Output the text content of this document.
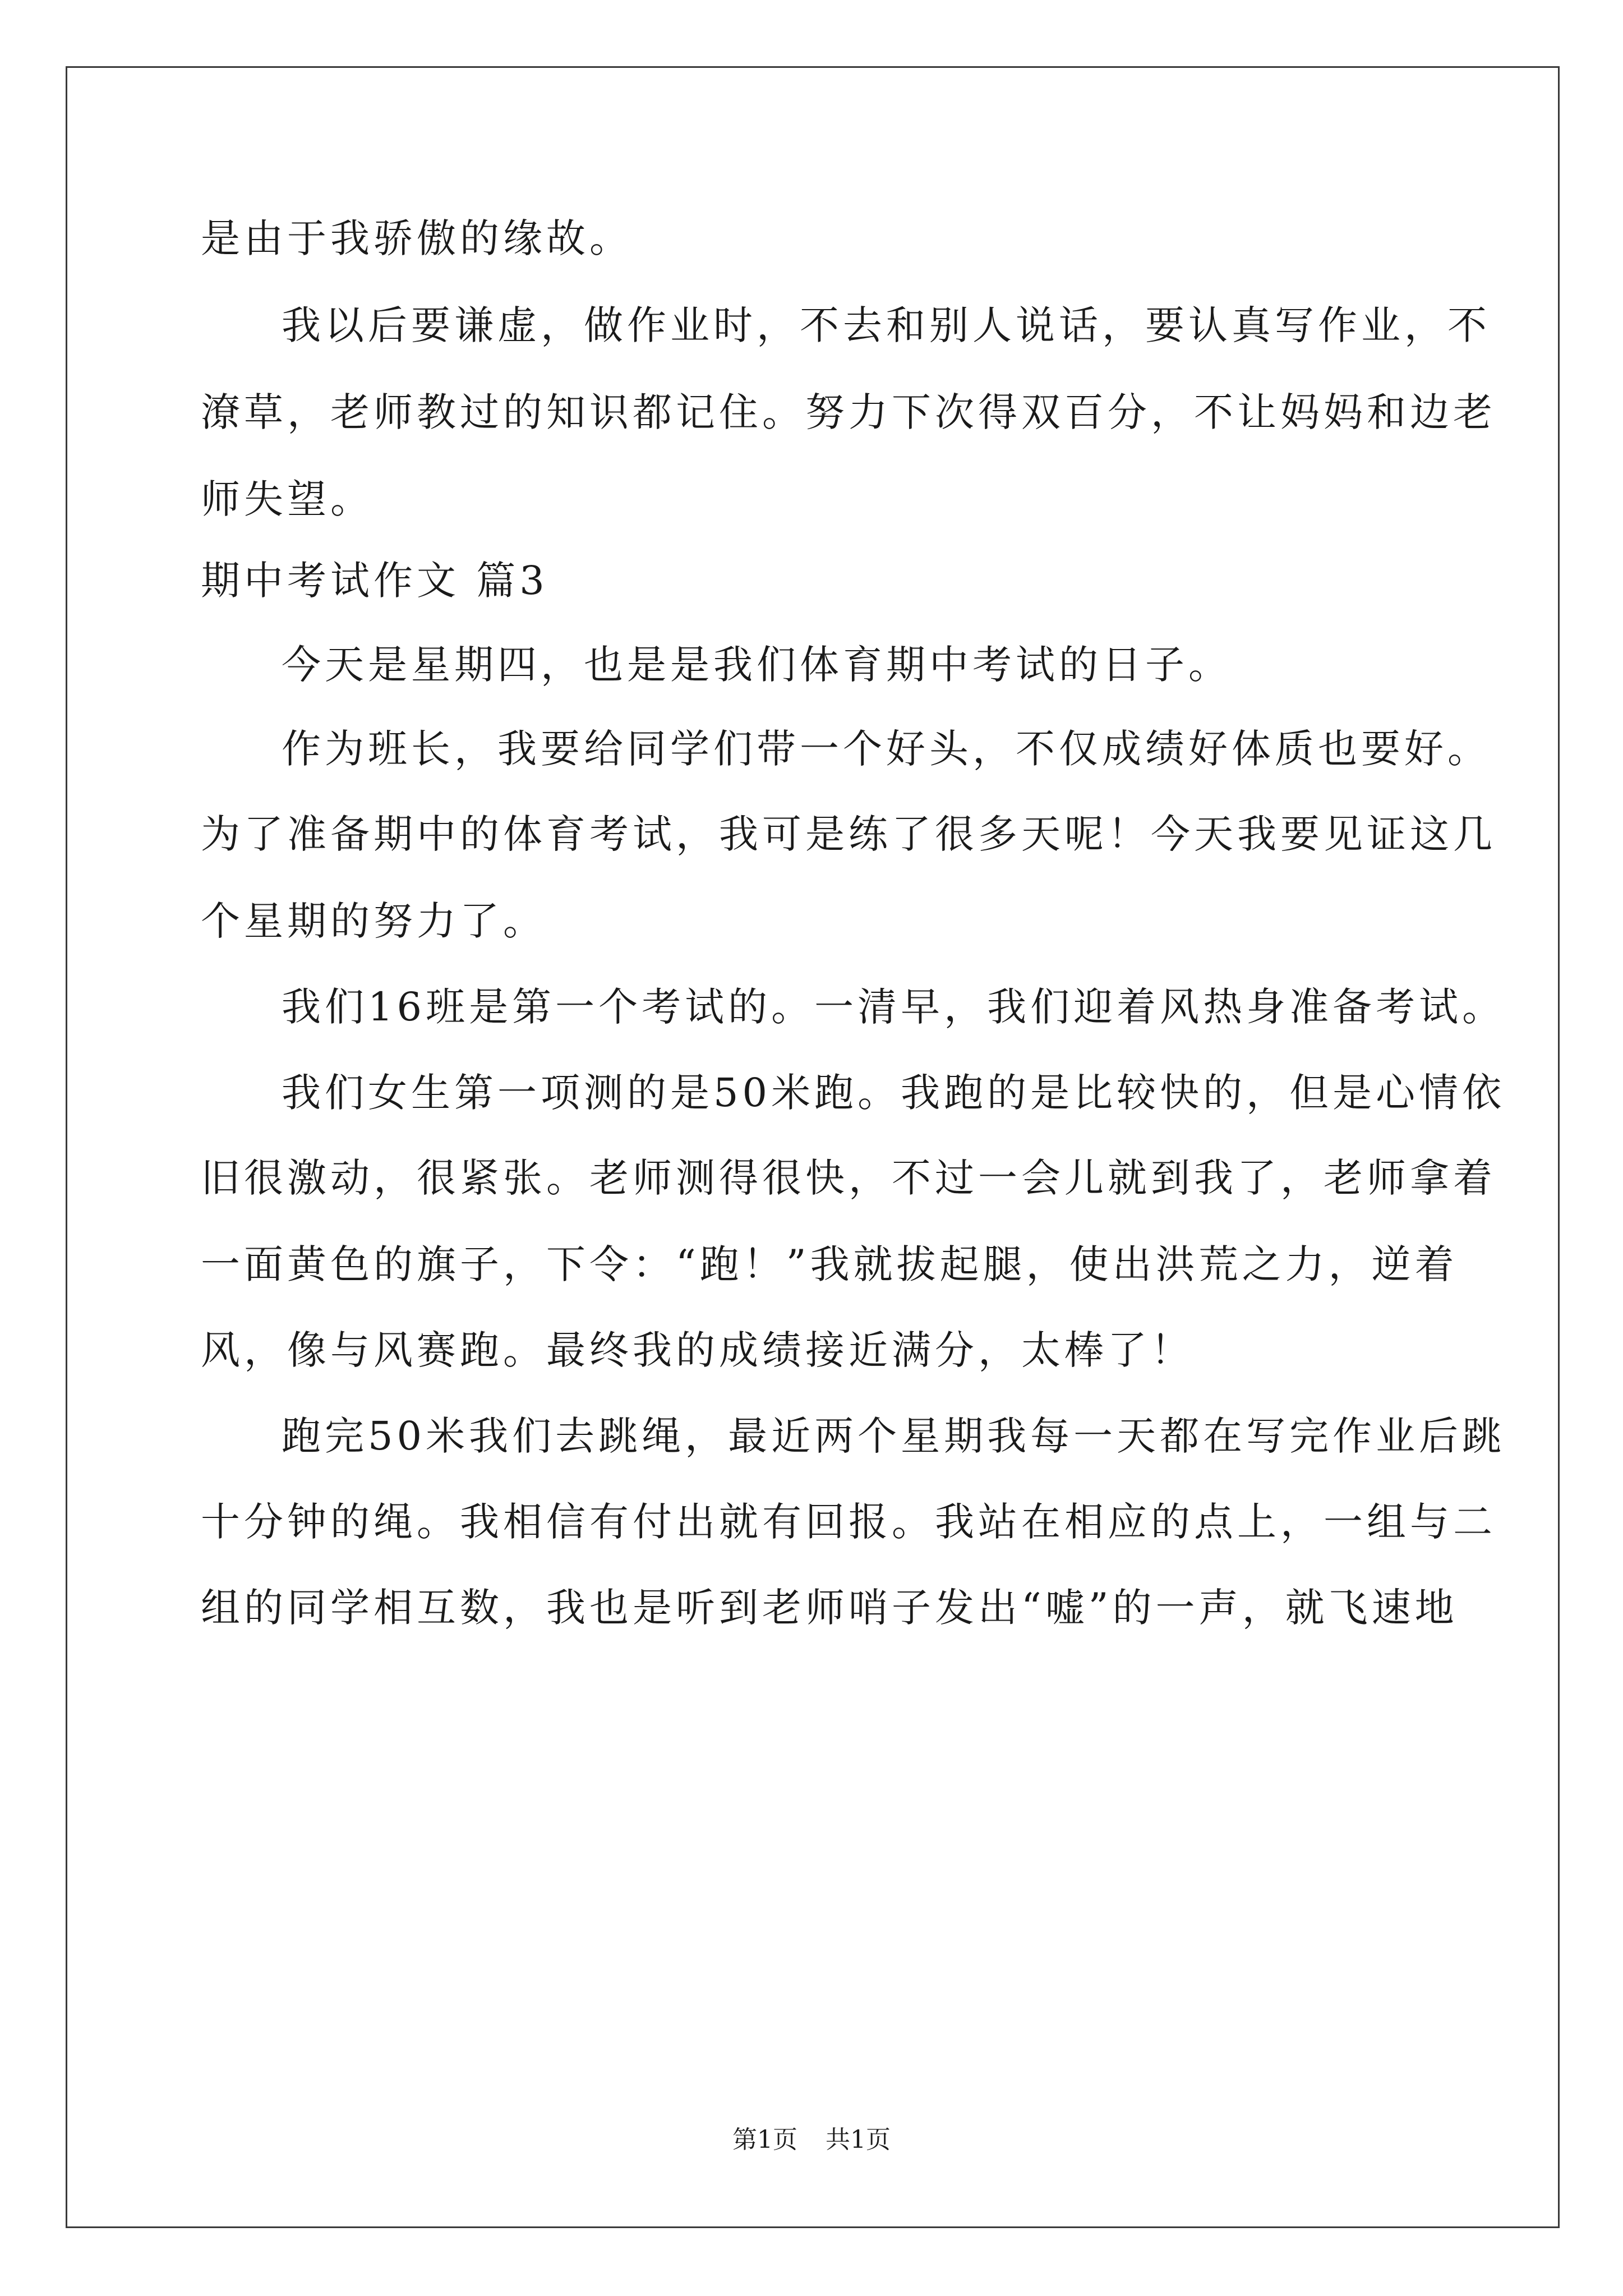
是由于我骄傲的缘故。
我以后要谦虚，做作业时，不去和别人说话，要认真写作业，不
潦草，老师教过的知识都记住。努力下次得双百分，不让妈妈和边老
师失望。
期中考试作文 篇3
今天是星期四，也是是我们体育期中考试的日子。
作为班长，我要给同学们带一个好头，不仅成绩好体质也要好。
为了准备期中的体育考试，我可是练了很多天呢！今天我要见证这几
个星期的努力了。
我们16班是第一个考试的。一清早，我们迎着风热身准备考试。
我们女生第一项测的是50米跑。我跑的是比较快的，但是心情依
旧很激动，很紧张。老师测得很快，不过一会儿就到我了，老师拿着
一面黄色的旗子，下令：“跑！”我就拔起腿，使出洪荒之力，逆着
风，像与风赛跑。最终我的成绩接近满分，太棒了！
跑完50米我们去跳绳，最近两个星期我每一天都在写完作业后跳
十分钟的绳。我相信有付出就有回报。我站在相应的点上，一组与二
组的同学相互数，我也是听到老师哨子发出“嘘”的一声，就飞速地
第1页 共1页
